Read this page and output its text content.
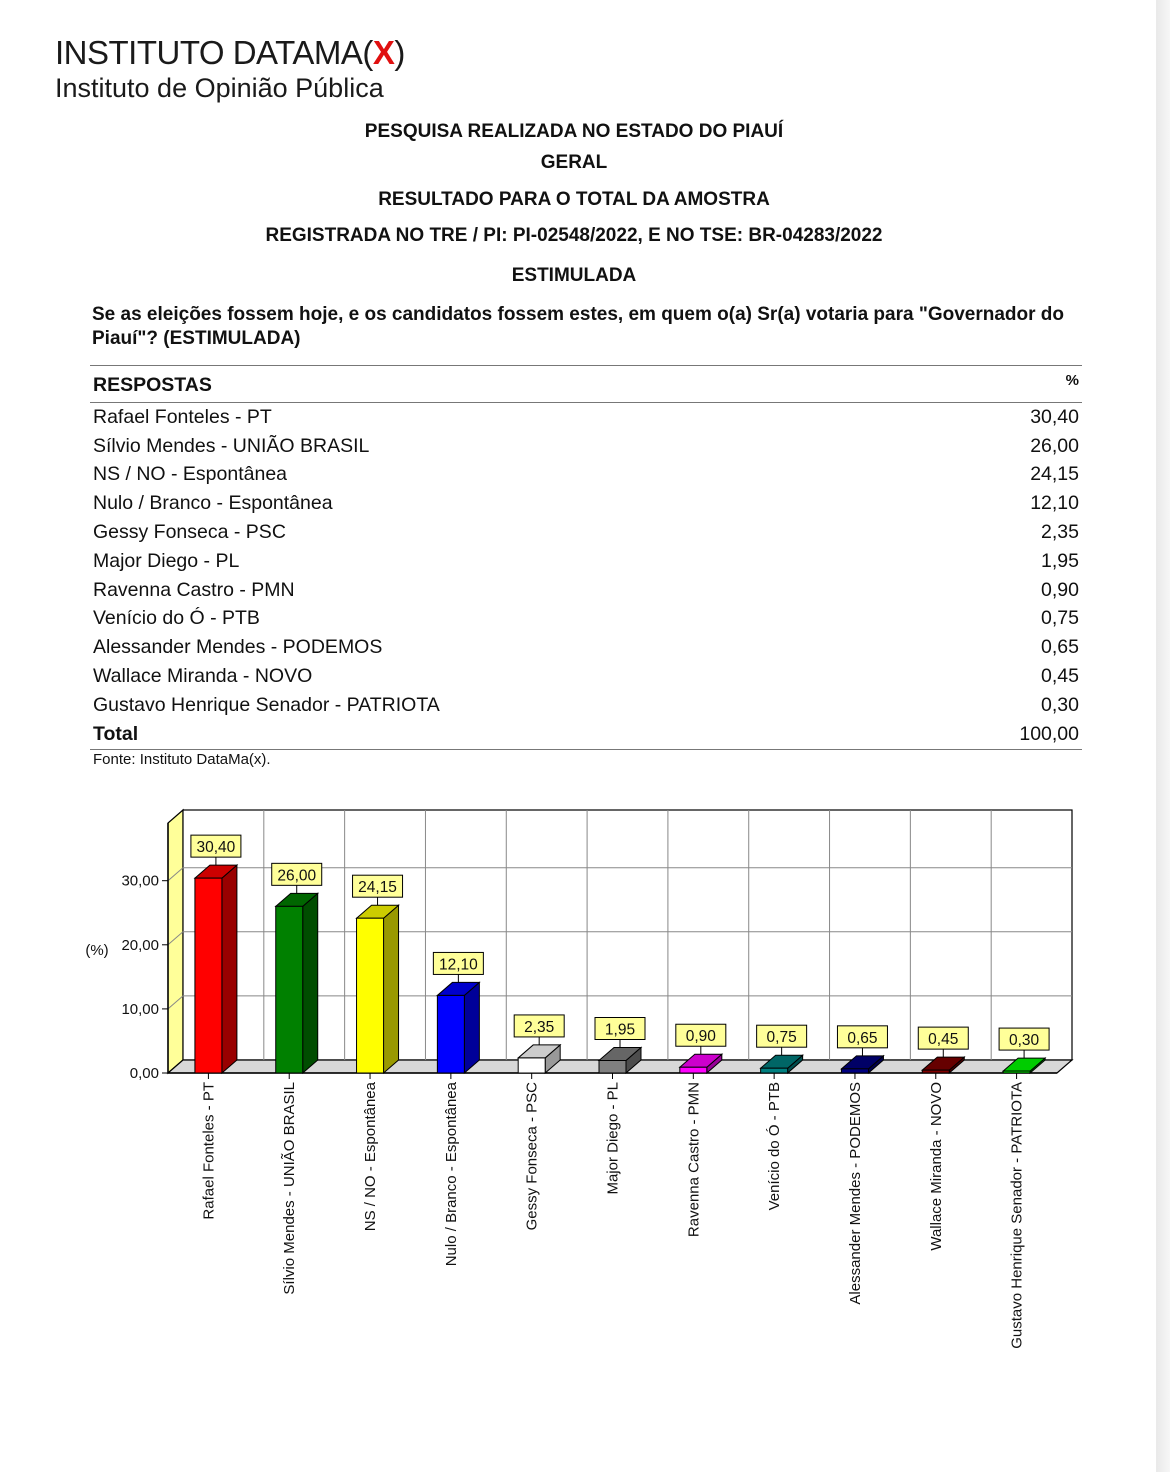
INSTITUTO DATAMA( X )
Instituto de Opinião Pública
PESQUISA REALIZADA NO ESTADO DO PIAUÍ
GERAL
RESULTADO PARA O TOTAL DA AMOSTRA
REGISTRADA NO TRE / PI: PI-02548/2022, E NO TSE: BR-04283/2022
ESTIMULADA
Se as eleições fossem hoje, e os candidatos fossem estes, em quem o(a) Sr(a) votaria para "Governador do Piauí"? (ESTIMULADA)
RESPOSTAS	%
Rafael Fonteles - PT	30,40
Sílvio Mendes - UNIÃO BRASIL	26,00
NS / NO - Espontânea	24,15
Nulo / Branco - Espontânea	12,10
Gessy Fonseca - PSC	2,35
Major Diego - PL	1,95
Ravenna Castro - PMN	0,90
Venício do Ó - PTB	0,75
Alessander Mendes - PODEMOS	0,65
Wallace Miranda - NOVO	0,45
Gustavo Henrique Senador - PATRIOTA	0,30
Total	100,00
Fonte: Instituto DataMa(x).
0,00
10,00
20,00
30,00
(%)
30,40
Rafael Fonteles - PT
26,00
Sílvio Mendes - UNIÃO BRASIL
24,15
NS / NO - Espontânea
12,10
Nulo / Branco - Espontânea
2,35
Gessy Fonseca - PSC
1,95
Major Diego - PL
0,90
Ravenna Castro - PMN
0,75
Venício do Ó - PTB
0,65
Alessander Mendes - PODEMOS
0,45
Wallace Miranda - NOVO
0,30
Gustavo Henrique Senador - PATRIOTA
